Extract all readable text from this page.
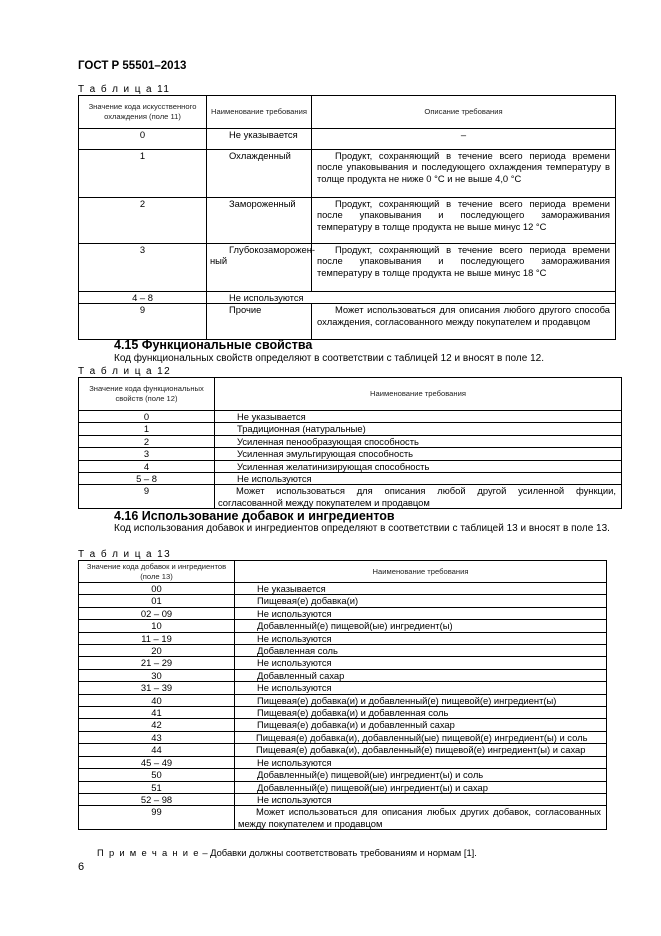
ГОСТ Р 55501–2013
Т а б л и ц а 11
Значение кода искусственного охлаждения (поле 11)	Наименование требования	Описание требования
0	Не указывается	–
1	Охлажденный	Продукт, сохраняющий в течение всего периода времени после упаковывания и последующего охлаждения температуру в толще продукта не ниже 0 °С и не выше 4,0 °С
2	Замороженный	Продукт, сохраняющий в течение всего периода времени после упаковывания и последующего замораживания температуру в толще продукта не выше минус 12 °С
3	Глубокозаморожен-ный	Продукт, сохраняющий в течение всего периода времени после упаковывания и последующего замораживания температуру в толще продукта не выше минус 18 °С
4 – 8	Не используются	
9	Прочие	Может использоваться для описания любого другого способа охлаждения, согласованного между покупателем и продавцом
4.15 Функциональные свойства
Код функциональных свойств определяют в соответствии с таблицей 12 и вносят в поле 12.
Т а б л и ц а 12
Значение кода функциональных свойств (поле 12)	Наименование требования
0	Не указывается
1	Традиционная (натуральные)
2	Усиленная пенообразующая способность
3	Усиленная эмульгирующая способность
4	Усиленная желатинизирующая способность
5 – 8	Не используются
9	Может использоваться для описания любой другой усиленной функции, согласованной между покупателем и продавцом
4.16 Использование добавок и ингредиентов
Код использования добавок и ингредиентов определяют в соответствии с таблицей 13 и вносят в поле 13.
Т а б л и ц а 13
Значение кода добавок и ингредиентов (поле 13)	Наименование требования
00	Не указывается
01	Пищевая(е) добавка(и)
02 – 09	Не используются
10	Добавленный(е) пищевой(ые) ингредиент(ы)
11 – 19	Не используются
20	Добавленная соль
21 – 29	Не используются
30	Добавленный сахар
31 – 39	Не используются
40	Пищевая(е) добавка(и) и добавленный(е) пищевой(е) ингредиент(ы)
41	Пищевая(е) добавка(и) и добавленная соль
42	Пищевая(е) добавка(и) и добавленный сахар
43	Пищевая(е) добавка(и), добавленный(ые) пищевой(е) ингредиент(ы) и соль
44	Пищевая(е) добавка(и), добавленный(е) пищевой(е) ингредиент(ы) и сахар
45 – 49	Не используются
50	Добавленный(е) пищевой(ые) ингредиент(ы) и соль
51	Добавленный(е) пищевой(ые) ингредиент(ы) и сахар
52 – 98	Не используются
99	Может использоваться для описания любых других добавок, согласованных между покупателем и продавцом
П р и м е ч а н и е – Добавки должны соответствовать требованиям и нормам [1].
6
